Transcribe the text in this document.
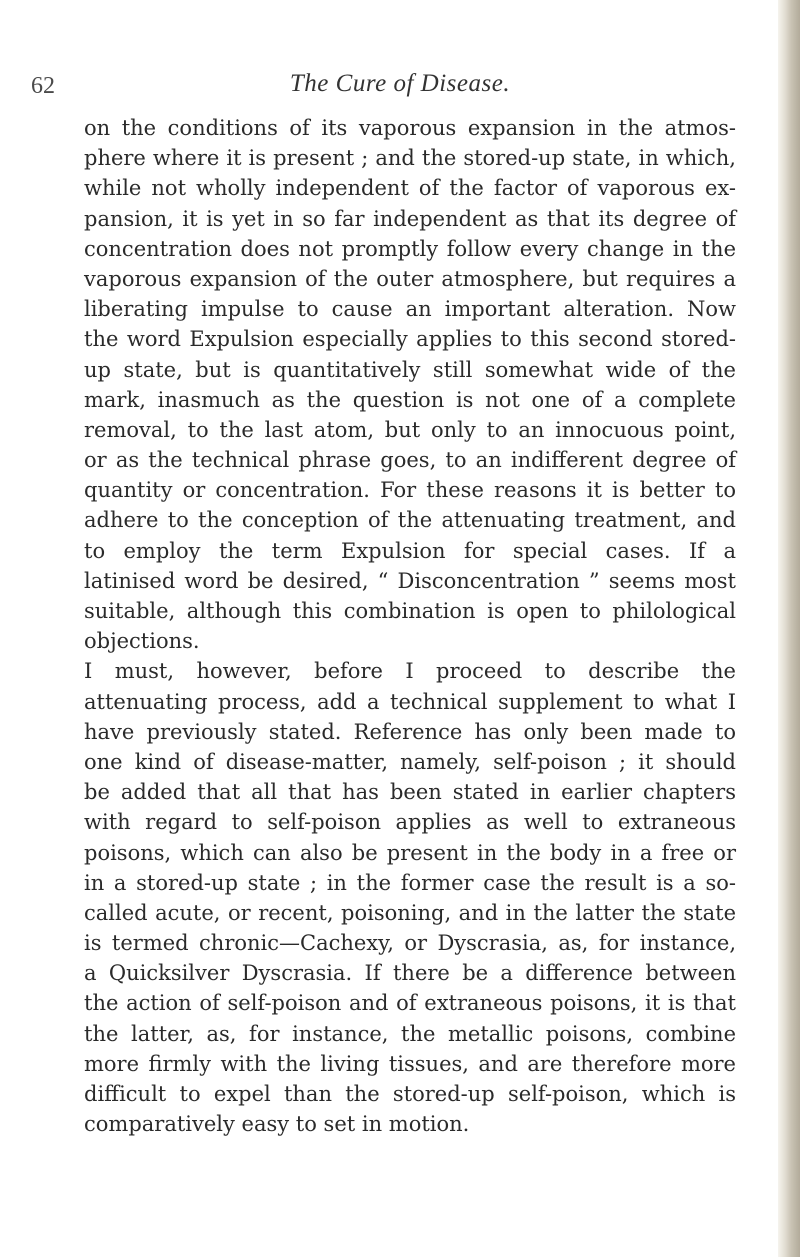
62	The Cure of Disease.
on the conditions of its vaporous expansion in the atmos-
phere where it is present ; and the stored-up state, in which,
while not wholly independent of the factor of vaporous ex-
pansion, it is yet in so far independent as that its degree of
concentration does not promptly follow every change in the
vaporous expansion of the outer atmosphere, but requires a
liberating impulse to cause an important alteration. Now
the word Expulsion especially applies to this second stored-
up state, but is quantitatively still somewhat wide of the
mark, inasmuch as the question is not one of a complete
removal, to the last atom, but only to an innocuous point,
or as the technical phrase goes, to an indifferent degree of
quantity or concentration. For these reasons it is better to
adhere to the conception of the attenuating treatment, and
to employ the term Expulsion for special cases. If a
latinised word be desired, “ Disconcentration ” seems most
suitable, although this combination is open to philological
objections.
I must, however, before I proceed to describe the
attenuating process, add a technical supplement to what I
have previously stated. Reference has only been made to
one kind of disease-matter, namely, self-poison ; it should
be added that all that has been stated in earlier chapters
with regard to self-poison applies as well to extraneous
poisons, which can also be present in the body in a free or
in a stored-up state ; in the former case the result is a so-
called acute, or recent, poisoning, and in the latter the state
is termed chronic—Cachexy, or Dyscrasia, as, for instance,
a Quicksilver Dyscrasia. If there be a difference between
the action of self-poison and of extraneous poisons, it is that
the latter, as, for instance, the metallic poisons, combine
more firmly with the living tissues, and are therefore more
difficult to expel than the stored-up self-poison, which is
comparatively easy to set in motion.
